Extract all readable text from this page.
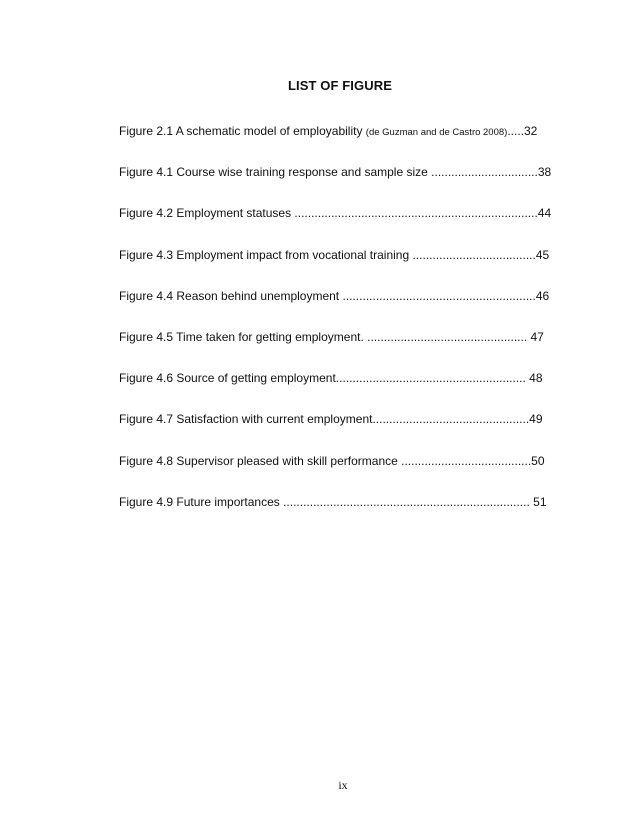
LIST OF FIGURE
Figure 2.1 A schematic model of employability (de Guzman and de Castro 2008).....32
Figure 4.1 Course wise training response and sample size ................................38
Figure 4.2 Employment statuses .........................................................................44
Figure 4.3 Employment impact from vocational training .....................................45
Figure 4.4 Reason behind unemployment ..........................................................46
Figure 4.5 Time taken for getting employment. ................................................ 47
Figure 4.6 Source of getting employment......................................................... 48
Figure 4.7 Satisfaction with current employment...............................................49
Figure 4.8 Supervisor pleased with skill performance .......................................50
Figure 4.9 Future importances .......................................................................... 51
ix
